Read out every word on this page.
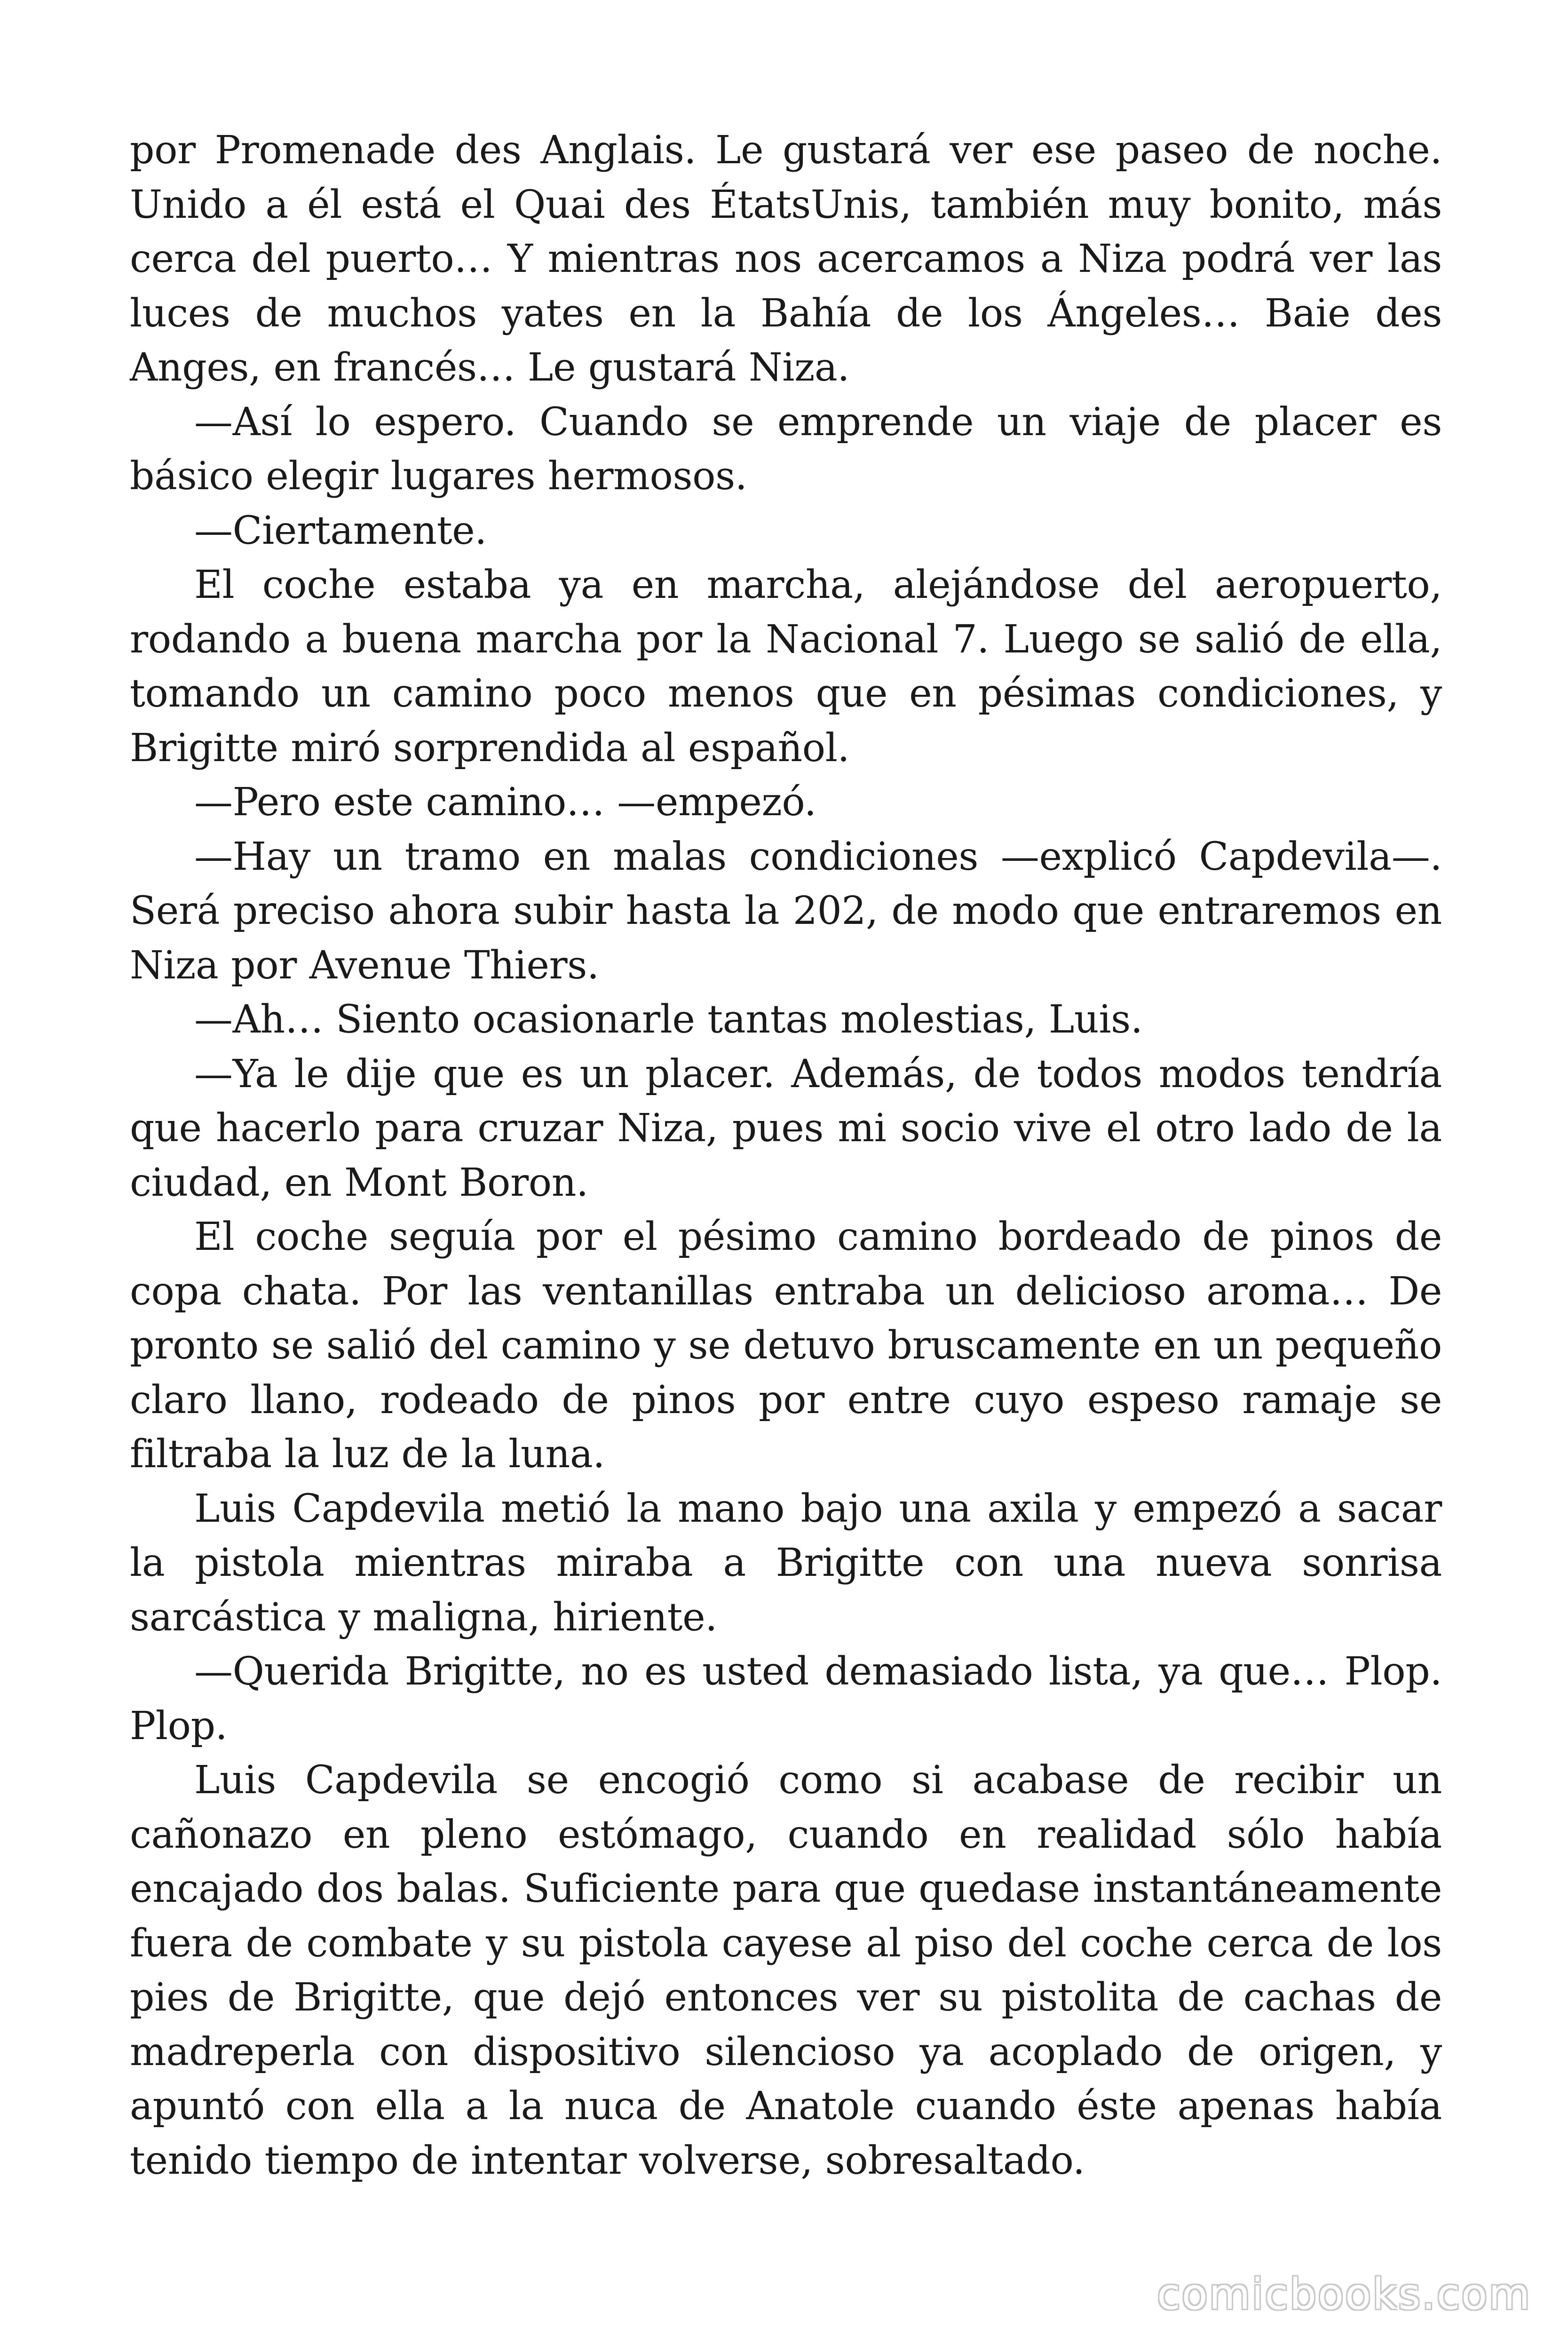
por Promenade des Anglais. Le gustará ver ese paseo de noche. Unido a él está el Quai des ÉtatsUnis, también muy bonito, más cerca del puerto… Y mientras nos acercamos a Niza podrá ver las luces de muchos yates en la Bahía de los Ángeles… Baie des Anges, en francés… Le gustará Niza.

—Así lo espero. Cuando se emprende un viaje de placer es básico elegir lugares hermosos.

—Ciertamente.

El coche estaba ya en marcha, alejándose del aeropuerto, rodando a buena marcha por la Nacional 7. Luego se salió de ella, tomando un camino poco menos que en pésimas condiciones, y Brigitte miró sorprendida al español.

—Pero este camino… —empezó.

—Hay un tramo en malas condiciones —explicó Capdevila—. Será preciso ahora subir hasta la 202, de modo que entraremos en Niza por Avenue Thiers.

—Ah… Siento ocasionarle tantas molestias, Luis.

—Ya le dije que es un placer. Además, de todos modos tendría que hacerlo para cruzar Niza, pues mi socio vive el otro lado de la ciudad, en Mont Boron.

El coche seguía por el pésimo camino bordeado de pinos de copa chata. Por las ventanillas entraba un delicioso aroma… De pronto se salió del camino y se detuvo bruscamente en un pequeño claro llano, rodeado de pinos por entre cuyo espeso ramaje se filtraba la luz de la luna.

Luis Capdevila metió la mano bajo una axila y empezó a sacar la pistola mientras miraba a Brigitte con una nueva sonrisa sarcástica y maligna, hiriente.

—Querida Brigitte, no es usted demasiado lista, ya que… Plop. Plop.

Luis Capdevila se encogió como si acabase de recibir un cañonazo en pleno estómago, cuando en realidad sólo había encajado dos balas. Suficiente para que quedase instantáneamente fuera de combate y su pistola cayese al piso del coche cerca de los pies de Brigitte, que dejó entonces ver su pistolita de cachas de madreperla con dispositivo silencioso ya acoplado de origen, y apuntó con ella a la nuca de Anatole cuando éste apenas había tenido tiempo de intentar volverse, sobresaltado.

comicbooks.com
